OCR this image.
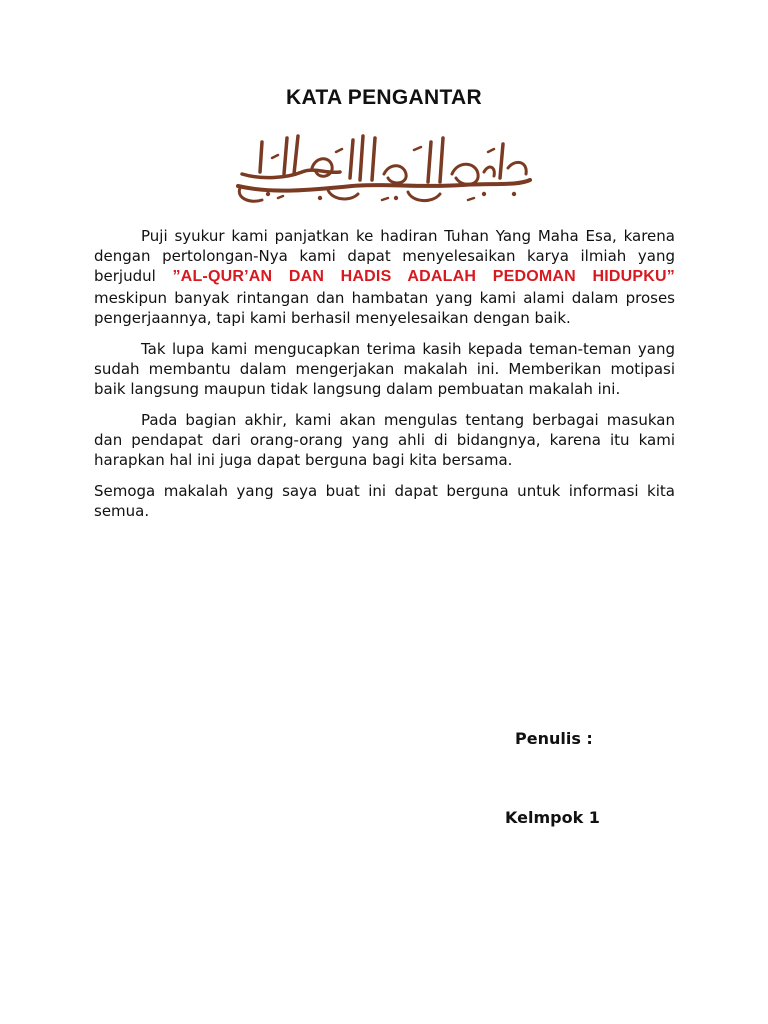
KATA PENGANTAR

Puji syukur kami panjatkan ke hadiran Tuhan Yang Maha Esa, karena dengan pertolongan-Nya kami dapat menyelesaikan karya ilmiah yang berjudul ”AL-QUR’AN DAN HADIS ADALAH PEDOMAN HIDUPKU” meskipun banyak rintangan dan hambatan yang kami alami dalam proses pengerjaannya, tapi kami berhasil menyelesaikan dengan baik.

Tak lupa kami mengucapkan terima kasih kepada teman-teman yang sudah membantu dalam mengerjakan makalah ini. Memberikan motipasi baik langsung maupun tidak langsung dalam pembuatan makalah ini.

Pada bagian akhir, kami akan mengulas tentang berbagai masukan dan pendapat dari orang-orang yang ahli di bidangnya, karena itu kami harapkan hal ini juga dapat berguna bagi kita bersama.

Semoga makalah yang saya buat ini dapat berguna untuk informasi kita semua.

Penulis :
Kelmpok 1
